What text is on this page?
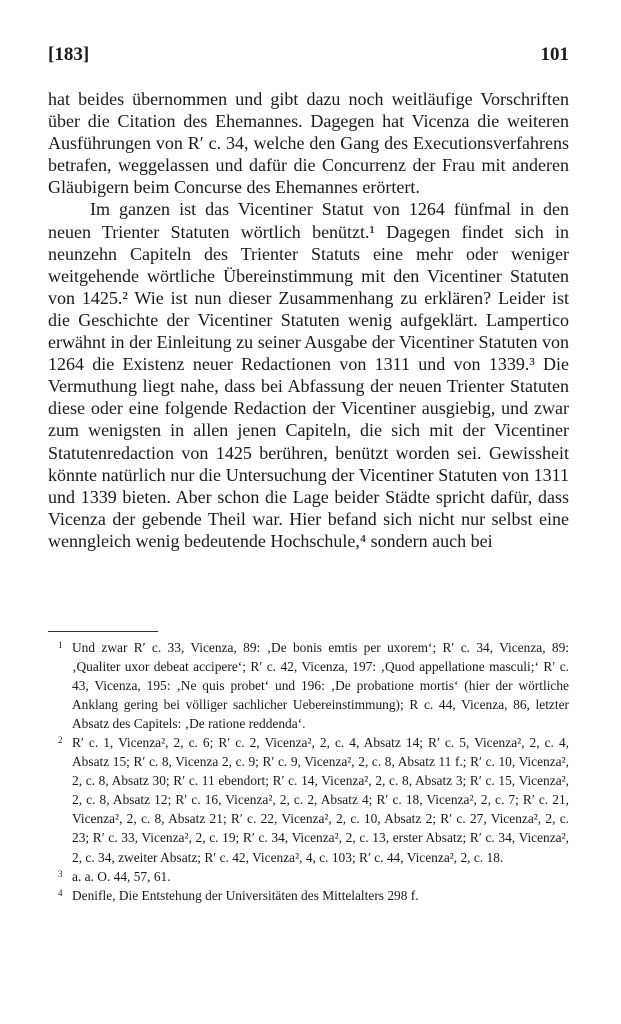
[183]	101

hat beides übernommen und gibt dazu noch weitläufige Vorschriften über die Citation des Ehemannes. Dagegen hat Vicenza die weiteren Ausführungen von R′ c. 34, welche den Gang des Executionsverfahrens betrafen, weggelassen und dafür die Concurrenz der Frau mit anderen Gläubigern beim Concurse des Ehemannes erörtert.

Im ganzen ist das Vicentiner Statut von 1264 fünfmal in den neuen Trienter Statuten wörtlich benützt.¹ Dagegen findet sich in neunzehn Capiteln des Trienter Statuts eine mehr oder weniger weitgehende wörtliche Übereinstimmung mit den Vicentiner Statuten von 1425.² Wie ist nun dieser Zusammenhang zu erklären? Leider ist die Geschichte der Vicentiner Statuten wenig aufgeklärt. Lampertico erwähnt in der Einleitung zu seiner Ausgabe der Vicentiner Statuten von 1264 die Existenz neuer Redactionen von 1311 und von 1339.³ Die Vermuthung liegt nahe, dass bei Abfassung der neuen Trienter Statuten diese oder eine folgende Redaction der Vicentiner ausgiebig, und zwar zum wenigsten in allen jenen Capiteln, die sich mit der Vicentiner Statutenredaction von 1425 berühren, benützt worden sei. Gewissheit könnte natürlich nur die Untersuchung der Vicentiner Statuten von 1311 und 1339 bieten. Aber schon die Lage beider Städte spricht dafür, dass Vicenza der gebende Theil war. Hier befand sich nicht nur selbst eine wenngleich wenig bedeutende Hochschule,⁴ sondern auch bei

1 Und zwar R′ c. 33, Vicenza, 89: ‚De bonis emtis per uxorem‘; R′ c. 34, Vicenza, 89: ‚Qualiter uxor debeat accipere‘; R′ c. 42, Vicenza, 197: ‚Quod appellatione masculi;‘ R′ c. 43, Vicenza, 195: ‚Ne quis probet‘ und 196: ‚De probatione mortis‘ (hier der wörtliche Anklang gering bei völliger sachlicher Uebereinstimmung); R c. 44, Vicenza, 86, letzter Absatz des Capitels: ‚De ratione reddenda‘.

2 R′ c. 1, Vicenza², 2, c. 6; R′ c. 2, Vicenza², 2, c. 4, Absatz 14; R′ c. 5, Vicenza², 2, c. 4, Absatz 15; R′ c. 8, Vicenza 2, c. 9; R′ c. 9, Vicenza², 2, c. 8, Absatz 11 f.; R′ c. 10, Vicenza², 2, c. 8, Absatz 30; R′ c. 11 ebendort; R′ c. 14, Vicenza², 2, c. 8, Absatz 3; R′ c. 15, Vicenza², 2, c. 8, Absatz 12; R′ c. 16, Vicenza², 2, c. 2, Absatz 4; R′ c. 18, Vicenza², 2, c. 7; R′ c. 21, Vicenza², 2, c. 8, Absatz 21; R′ c. 22, Vicenza², 2, c. 10, Absatz 2; R′ c. 27, Vicenza², 2, c. 23; R′ c. 33, Vicenza², 2, c. 19; R′ c. 34, Vicenza², 2, c. 13, erster Absatz; R′ c. 34, Vicenza², 2, c. 34, zweiter Absatz; R′ c. 42, Vicenza², 4, c. 103; R′ c. 44, Vicenza², 2, c. 18.

3 a. a. O. 44, 57, 61.

4 Denifle, Die Entstehung der Universitäten des Mittelalters 298 f.
